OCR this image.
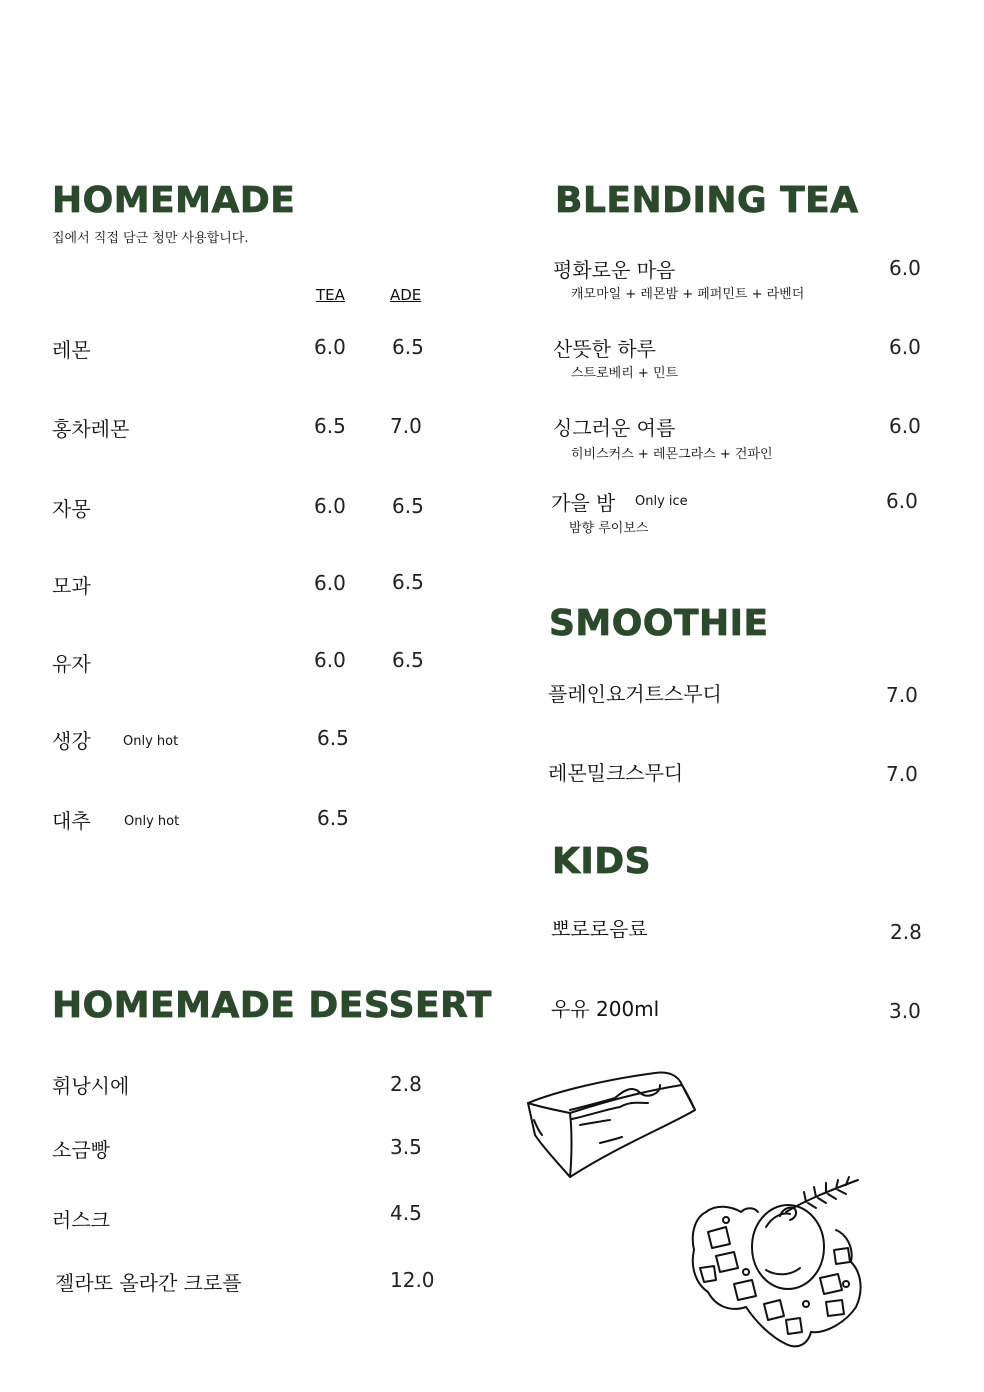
HOMEMADE
집에서 직접 담근 청만 사용합니다.
TEA	ADE
레몬	6.0 6.5
홍차레몬	6.5 7.0
자몽	6.0 6.5
모과	6.0 6.5
유자	6.0 6.5
생강 Only hot	6.5
대추	Only hot	6.5
HOMEMADE DESSERT
휘낭시에	2.8
소금빵	3.5
러스크	4.5
젤라또 올라간 크로플	12.0
BLENDING TEA
평화로운 마음
캐모마일 + 레몬밤 + 페퍼민트 + 라벤더
6.0
산뜻한 하루
스트로베리 + 민트
6.0
싱그러운 여름
히비스커스 + 레몬그라스 + 건파인
6.0
가을 밤 Only ice
밤향 루이보스
6.0
SMOOTHIE
플레인요거트스무디	7.0
레몬밀크스무디	7.0
KIDS
뽀로로음료	2.8
우유 200ml	3.0
